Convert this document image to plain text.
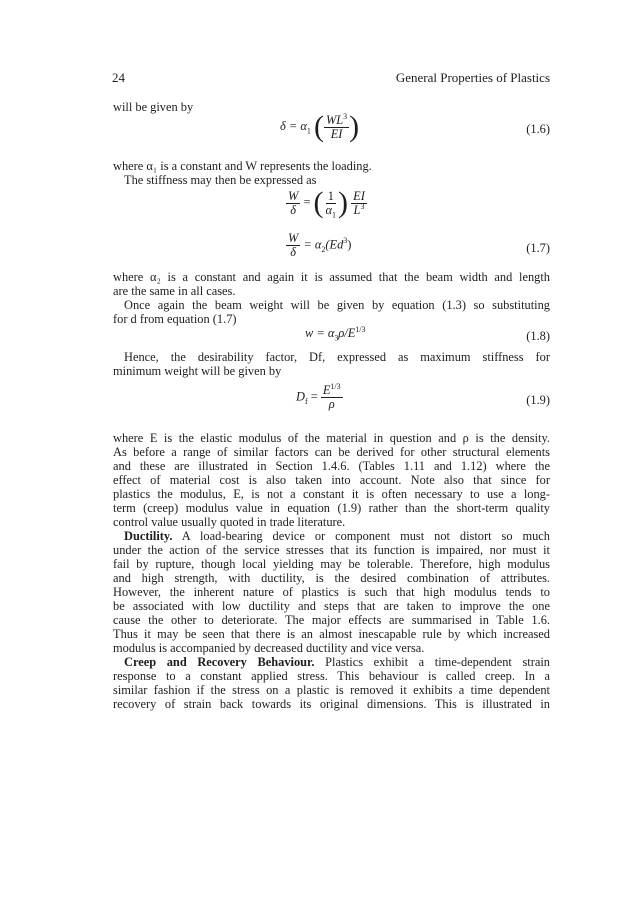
24	General Properties of Plastics
will be given by
$\delta = \alpha_1$ ( $\frac{WL^3}{EI}$ )	(1.6)
where α₁ is a constant and W represents the loading.
The stiffness may then be expressed as
$\frac{W}{\delta}$ = ( $\frac{1}{\alpha_1}$ ) $\frac{EI}{L^3}$
$\frac{W}{\delta} = \alpha_2(Ed^3)$	(1.7)
where α₂ is a constant and again it is assumed that the beam width and length
are the same in all cases.
Once again the beam weight will be given by equation (1.3) so substituting
for d from equation (1.7)
$w = \alpha_3\rho/E^{1/3}$	(1.8)
Hence, the desirability factor, Df, expressed as maximum stiffness for
minimum weight will be given by
$D_f = \frac{E^{1/3}}{\rho}$	(1.9)
where E is the elastic modulus of the material in question and ρ is the density.
As before a range of similar factors can be derived for other structural elements
and these are illustrated in Section 1.4.6. (Tables 1.11 and 1.12) where the
effect of material cost is also taken into account. Note also that since for
plastics the modulus, E, is not a constant it is often necessary to use a long-
term (creep) modulus value in equation (1.9) rather than the short-term quality
control value usually quoted in trade literature.
Ductility. A load-bearing device or component must not distort so much
under the action of the service stresses that its function is impaired, nor must it
fail by rupture, though local yielding may be tolerable. Therefore, high modulus
and high strength, with ductility, is the desired combination of attributes.
However, the inherent nature of plastics is such that high modulus tends to
be associated with low ductility and steps that are taken to improve the one
cause the other to deteriorate. The major effects are summarised in Table 1.6.
Thus it may be seen that there is an almost inescapable rule by which increased
modulus is accompanied by decreased ductility and vice versa.
Creep and Recovery Behaviour. Plastics exhibit a time-dependent strain
response to a constant applied stress. This behaviour is called creep. In a
similar fashion if the stress on a plastic is removed it exhibits a time dependent
recovery of strain back towards its original dimensions. This is illustrated in
